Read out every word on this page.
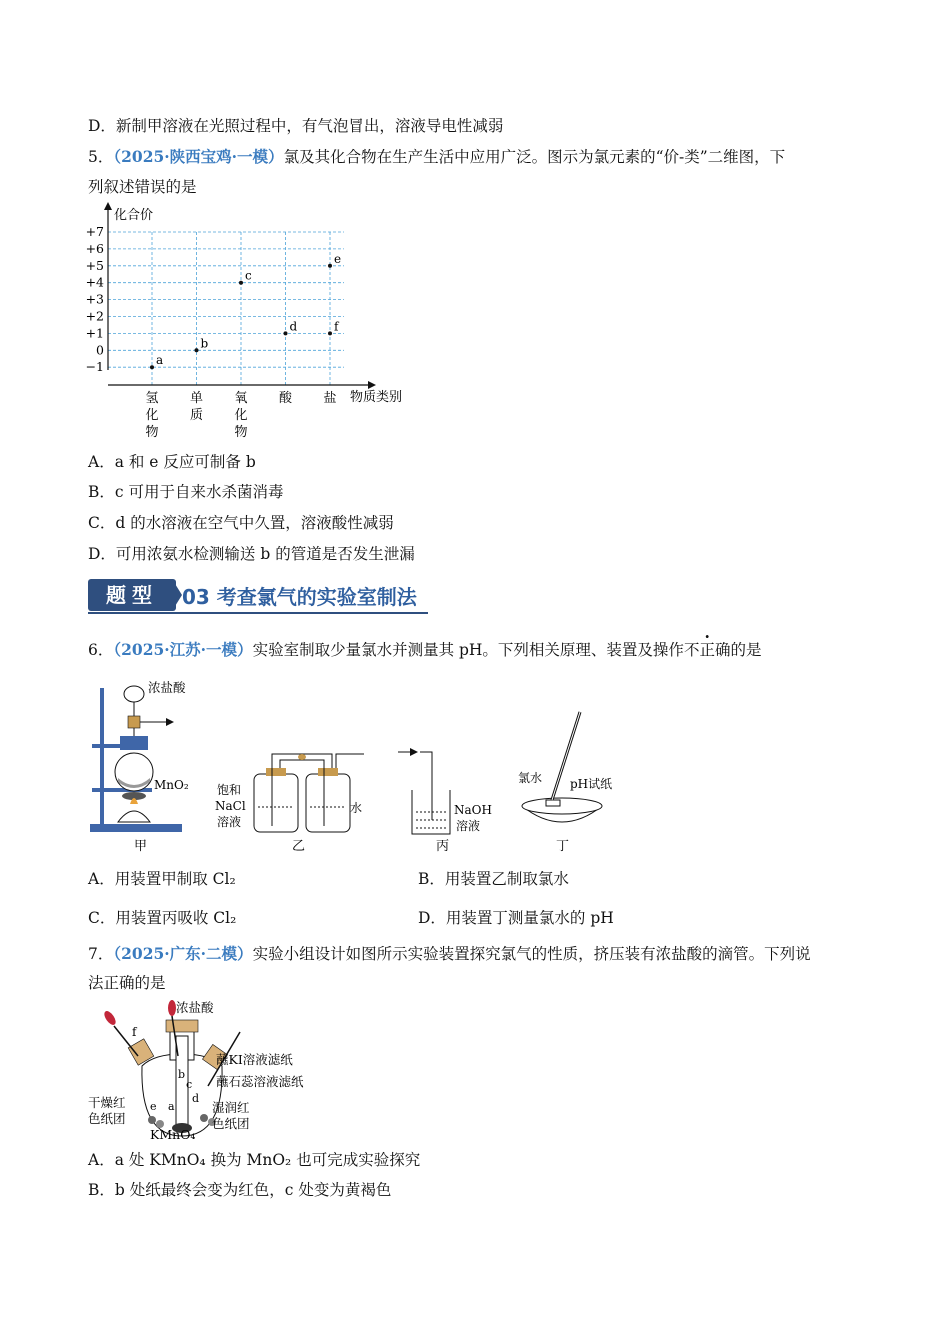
D．新制甲溶液在光照过程中，有气泡冒出，溶液导电性减弱
5．（2025·陕西宝鸡·一模）氯及其化合物在生产生活中应用广泛。图示为氯元素的“价-类”二维图，下
列叙述错误的是
化合价
物质类别
+7
+6
+5
+4
+3
+2
+1
0
−1
氢
化
物
单
质
氧
化
物
酸 盐
a
b
c
d
e
f
A．a 和 e 反应可制备 b
B．c 可用于自来水杀菌消毒
C．d 的水溶液在空气中久置，溶液酸性减弱
D．可用浓氨水检测输送 b 的管道是否发生泄漏
题型	03 考查氯气的实验室制法
6．（2025·江苏·一模）实验室制取少量氯水并测量其 pH。下列相关原理、装置及操作不正确的是
浓盐酸
MnO₂
甲
饱和
NaCl
溶液
水
乙
NaOH
溶液
丙
氯水 pH试纸
丁
A．用装置甲制取 Cl₂	B．用装置乙制取氯水
C．用装置丙吸收 Cl₂	D．用装置丁测量氯水的 pH
7．（2025·广东·二模）实验小组设计如图所示实验装置探究氯气的性质，挤压装有浓盐酸的滴管。下列说
法正确的是
浓盐酸
f
蘸KI溶液滤纸
蘸石蕊溶液滤纸
干燥红
色纸团
湿润红
色纸团
KMnO₄
a
b
c
d
e
A．a 处 KMnO₄ 换为 MnO₂ 也可完成实验探究
B．b 处纸最终会变为红色，c 处变为黄褐色
